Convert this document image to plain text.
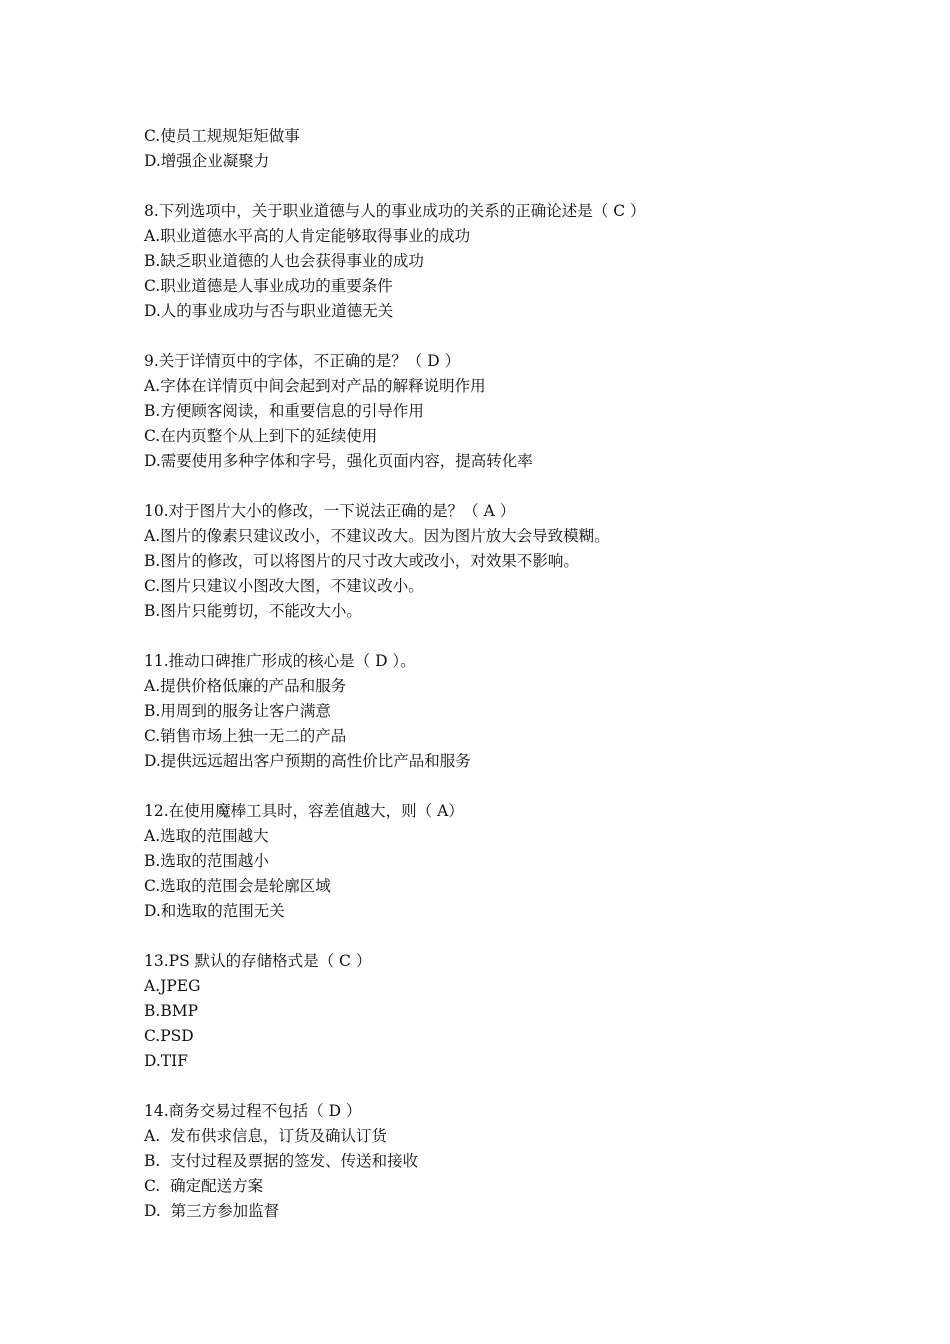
C.使员工规规矩矩做事
D.增强企业凝聚力
8.下列选项中，关于职业道德与人的事业成功的关系的正确论述是（ C ）
A.职业道德水平高的人肯定能够取得事业的成功
B.缺乏职业道德的人也会获得事业的成功
C.职业道德是人事业成功的重要条件
D.人的事业成功与否与职业道德无关
9.关于详情页中的字体，不正确的是？（ D ）
A.字体在详情页中间会起到对产品的解释说明作用
B.方便顾客阅读，和重要信息的引导作用
C.在内页整个从上到下的延续使用
D.需要使用多种字体和字号，强化页面内容，提高转化率
10.对于图片大小的修改，一下说法正确的是？（ A ）
A.图片的像素只建议改小，不建议改大。因为图片放大会导致模糊。
B.图片的修改，可以将图片的尺寸改大或改小，对效果不影响。
C.图片只建议小图改大图，不建议改小。
B.图片只能剪切，不能改大小。
11.推动口碑推广形成的核心是（ D ）。
A.提供价格低廉的产品和服务
B.用周到的服务让客户满意
C.销售市场上独一无二的产品
D.提供远远超出客户预期的高性价比产品和服务
12.在使用魔棒工具时，容差值越大，则（ A）
A.选取的范围越大
B.选取的范围越小
C.选取的范围会是轮廓区域
D.和选取的范围无关
13.PS 默认的存储格式是（ C ）
A.JPEG
B.BMP
C.PSD
D.TIF
14.商务交易过程不包括（ D ）
A.  发布供求信息，订货及确认订货
B.  支付过程及票据的签发、传送和接收
C.  确定配送方案
D.  第三方参加监督
